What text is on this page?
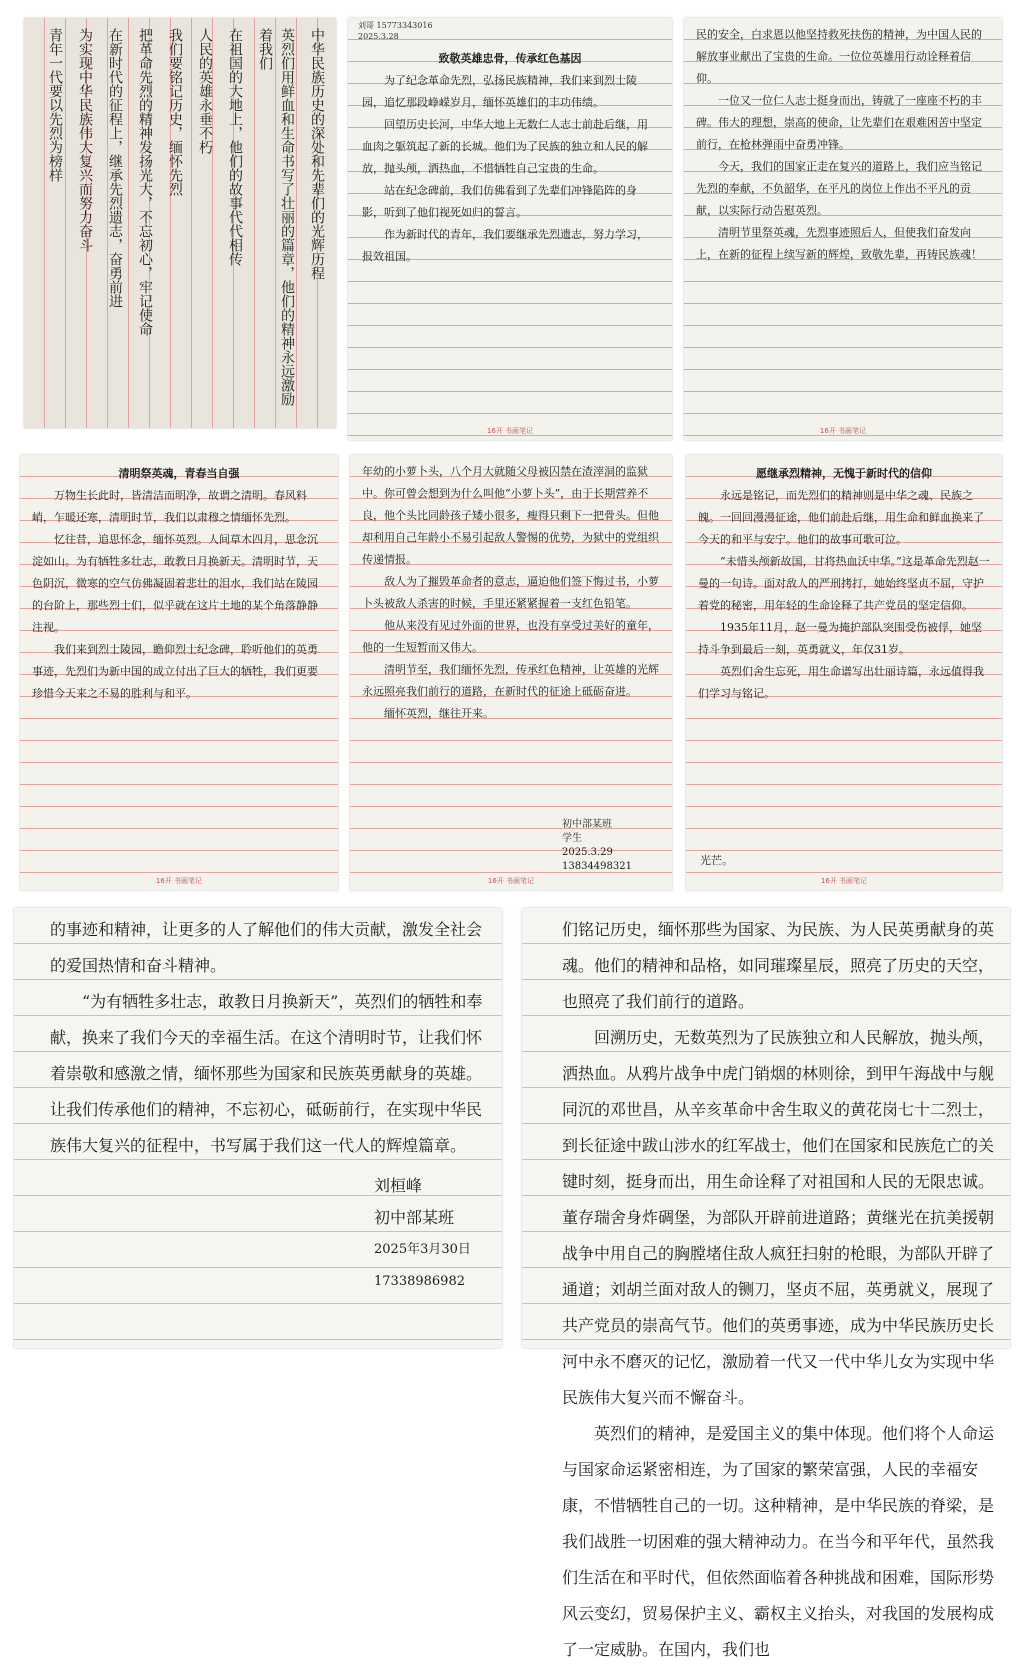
中华民族历史的深处和先辈们的光辉历程
英烈们用鲜血和生命书写了壮丽的篇章，他们的精神永远激励着我们
在祖国的大地上，他们的故事代代相传
人民的英雄永垂不朽
我们要铭记历史，缅怀先烈
把革命先烈的精神发扬光大，不忘初心，牢记使命
在新时代的征程上，继承先烈遗志，奋勇前进
为实现中华民族伟大复兴而努力奋斗
青年一代要以先烈为榜样
刘哥 15773343016
2025.3.28

致敬英雄忠骨，传承红色基因

为了纪念革命先烈，弘扬民族精神，我们来到烈士陵园，追忆那段峥嵘岁月，缅怀英雄们的丰功伟绩。

回望历史长河，中华大地上无数仁人志士前赴后继，用血肉之躯筑起了新的长城。他们为了民族的独立和人民的解放，抛头颅，洒热血，不惜牺牲自己宝贵的生命。

站在纪念碑前，我们仿佛看到了先辈们冲锋陷阵的身影，听到了他们视死如归的誓言。

作为新时代的青年，我们要继承先烈遗志，努力学习，报效祖国。

16开 书画笔记

民的安全，白求恩以他坚持救死扶伤的精神，为中国人民的解放事业献出了宝贵的生命。一位位英雄用行动诠释着信仰。

一位又一位仁人志士挺身而出，铸就了一座座不朽的丰碑。伟大的理想，崇高的使命，让先辈们在艰难困苦中坚定前行，在枪林弹雨中奋勇冲锋。

今天，我们的国家正走在复兴的道路上，我们应当铭记先烈的奉献，不负韶华，在平凡的岗位上作出不平凡的贡献，以实际行动告慰英烈。

清明节里祭英魂，先烈事迹照后人，但使我们奋发向上，在新的征程上续写新的辉煌，致敬先辈，再铸民族魂！

16开 书画笔记

清明祭英魂，青春当自强

万物生长此时，皆清洁而明净，故谓之清明。春风料峭，乍暖还寒，清明时节，我们以肃穆之情缅怀先烈。

忆往昔，追思怀念，缅怀英烈。人间草木四月，思念沉淀如山。为有牺牲多壮志，敢教日月换新天。清明时节，天色阴沉，微寒的空气仿佛凝固着悲壮的泪水，我们站在陵园的台阶上，那些烈士们，似乎就在这片土地的某个角落静静注视。

我们来到烈士陵园，瞻仰烈士纪念碑，聆听他们的英勇事迹，先烈们为新中国的成立付出了巨大的牺牲，我们更要珍惜今天来之不易的胜利与和平。

16开 书画笔记

年幼的小萝卜头，八个月大就随父母被囚禁在渣滓洞的监狱中。你可曾会想到为什么叫他“小萝卜头”，由于长期营养不良，他个头比同龄孩子矮小很多，瘦得只剩下一把骨头。但他却利用自己年龄小不易引起敌人警惕的优势，为狱中的党组织传递情报。

敌人为了摧毁革命者的意志，逼迫他们签下悔过书，小萝卜头被敌人杀害的时候，手里还紧紧握着一支红色铅笔。

他从来没有见过外面的世界，也没有享受过美好的童年，他的一生短暂而又伟大。

清明节至，我们缅怀先烈，传承红色精神，让英雄的光辉永远照亮我们前行的道路，在新时代的征途上砥砺奋进。

缅怀英烈，继往开来。

初中部某班
学生
2025.3.29
13834498321
16开 书画笔记

愿继承烈精神，无愧于新时代的信仰

永远是铭记，而先烈们的精神则是中华之魂、民族之魄。一回回漫漫征途，他们前赴后继，用生命和鲜血换来了今天的和平与安宁。他们的故事可歌可泣。

“未惜头颅新故国，甘将热血沃中华。”这是革命先烈赵一曼的一句诗。面对敌人的严刑拷打，她始终坚贞不屈，守护着党的秘密，用年轻的生命诠释了共产党员的坚定信仰。

1935年11月，赵一曼为掩护部队突围受伤被俘，她坚持斗争到最后一刻，英勇就义，年仅31岁。

英烈们舍生忘死，用生命谱写出壮丽诗篇，永远值得我们学习与铭记。

光芒。
16开 书画笔记

的事迹和精神，让更多的人了解他们的伟大贡献，激发全社会的爱国热情和奋斗精神。

“为有牺牲多壮志，敢教日月换新天”，英烈们的牺牲和奉献，换来了我们今天的幸福生活。在这个清明时节，让我们怀着崇敬和感激之情，缅怀那些为国家和民族英勇献身的英雄。让我们传承他们的精神，不忘初心，砥砺前行，在实现中华民族伟大复兴的征程中，书写属于我们这一代人的辉煌篇章。

刘桓峰
初中部某班
2025年3月30日
17338986982

们铭记历史，缅怀那些为国家、为民族、为人民英勇献身的英魂。他们的精神和品格，如同璀璨星辰，照亮了历史的天空，也照亮了我们前行的道路。

回溯历史，无数英烈为了民族独立和人民解放，抛头颅，洒热血。从鸦片战争中虎门销烟的林则徐，到甲午海战中与舰同沉的邓世昌，从辛亥革命中舍生取义的黄花岗七十二烈士，到长征途中跋山涉水的红军战士，他们在国家和民族危亡的关键时刻，挺身而出，用生命诠释了对祖国和人民的无限忠诚。董存瑞舍身炸碉堡，为部队开辟前进道路；黄继光在抗美援朝战争中用自己的胸膛堵住敌人疯狂扫射的枪眼，为部队开辟了通道；刘胡兰面对敌人的铡刀，坚贞不屈，英勇就义，展现了共产党员的崇高气节。他们的英勇事迹，成为中华民族历史长河中永不磨灭的记忆，激励着一代又一代中华儿女为实现中华民族伟大复兴而不懈奋斗。

英烈们的精神，是爱国主义的集中体现。他们将个人命运与国家命运紧密相连，为了国家的繁荣富强，人民的幸福安康，不惜牺牲自己的一切。这种精神，是中华民族的脊梁，是我们战胜一切困难的强大精神动力。在当今和平年代，虽然我们生活在和平时代，但依然面临着各种挑战和困难，国际形势风云变幻，贸易保护主义、霸权主义抬头，对我国的发展构成了一定威胁。在国内，我们也
